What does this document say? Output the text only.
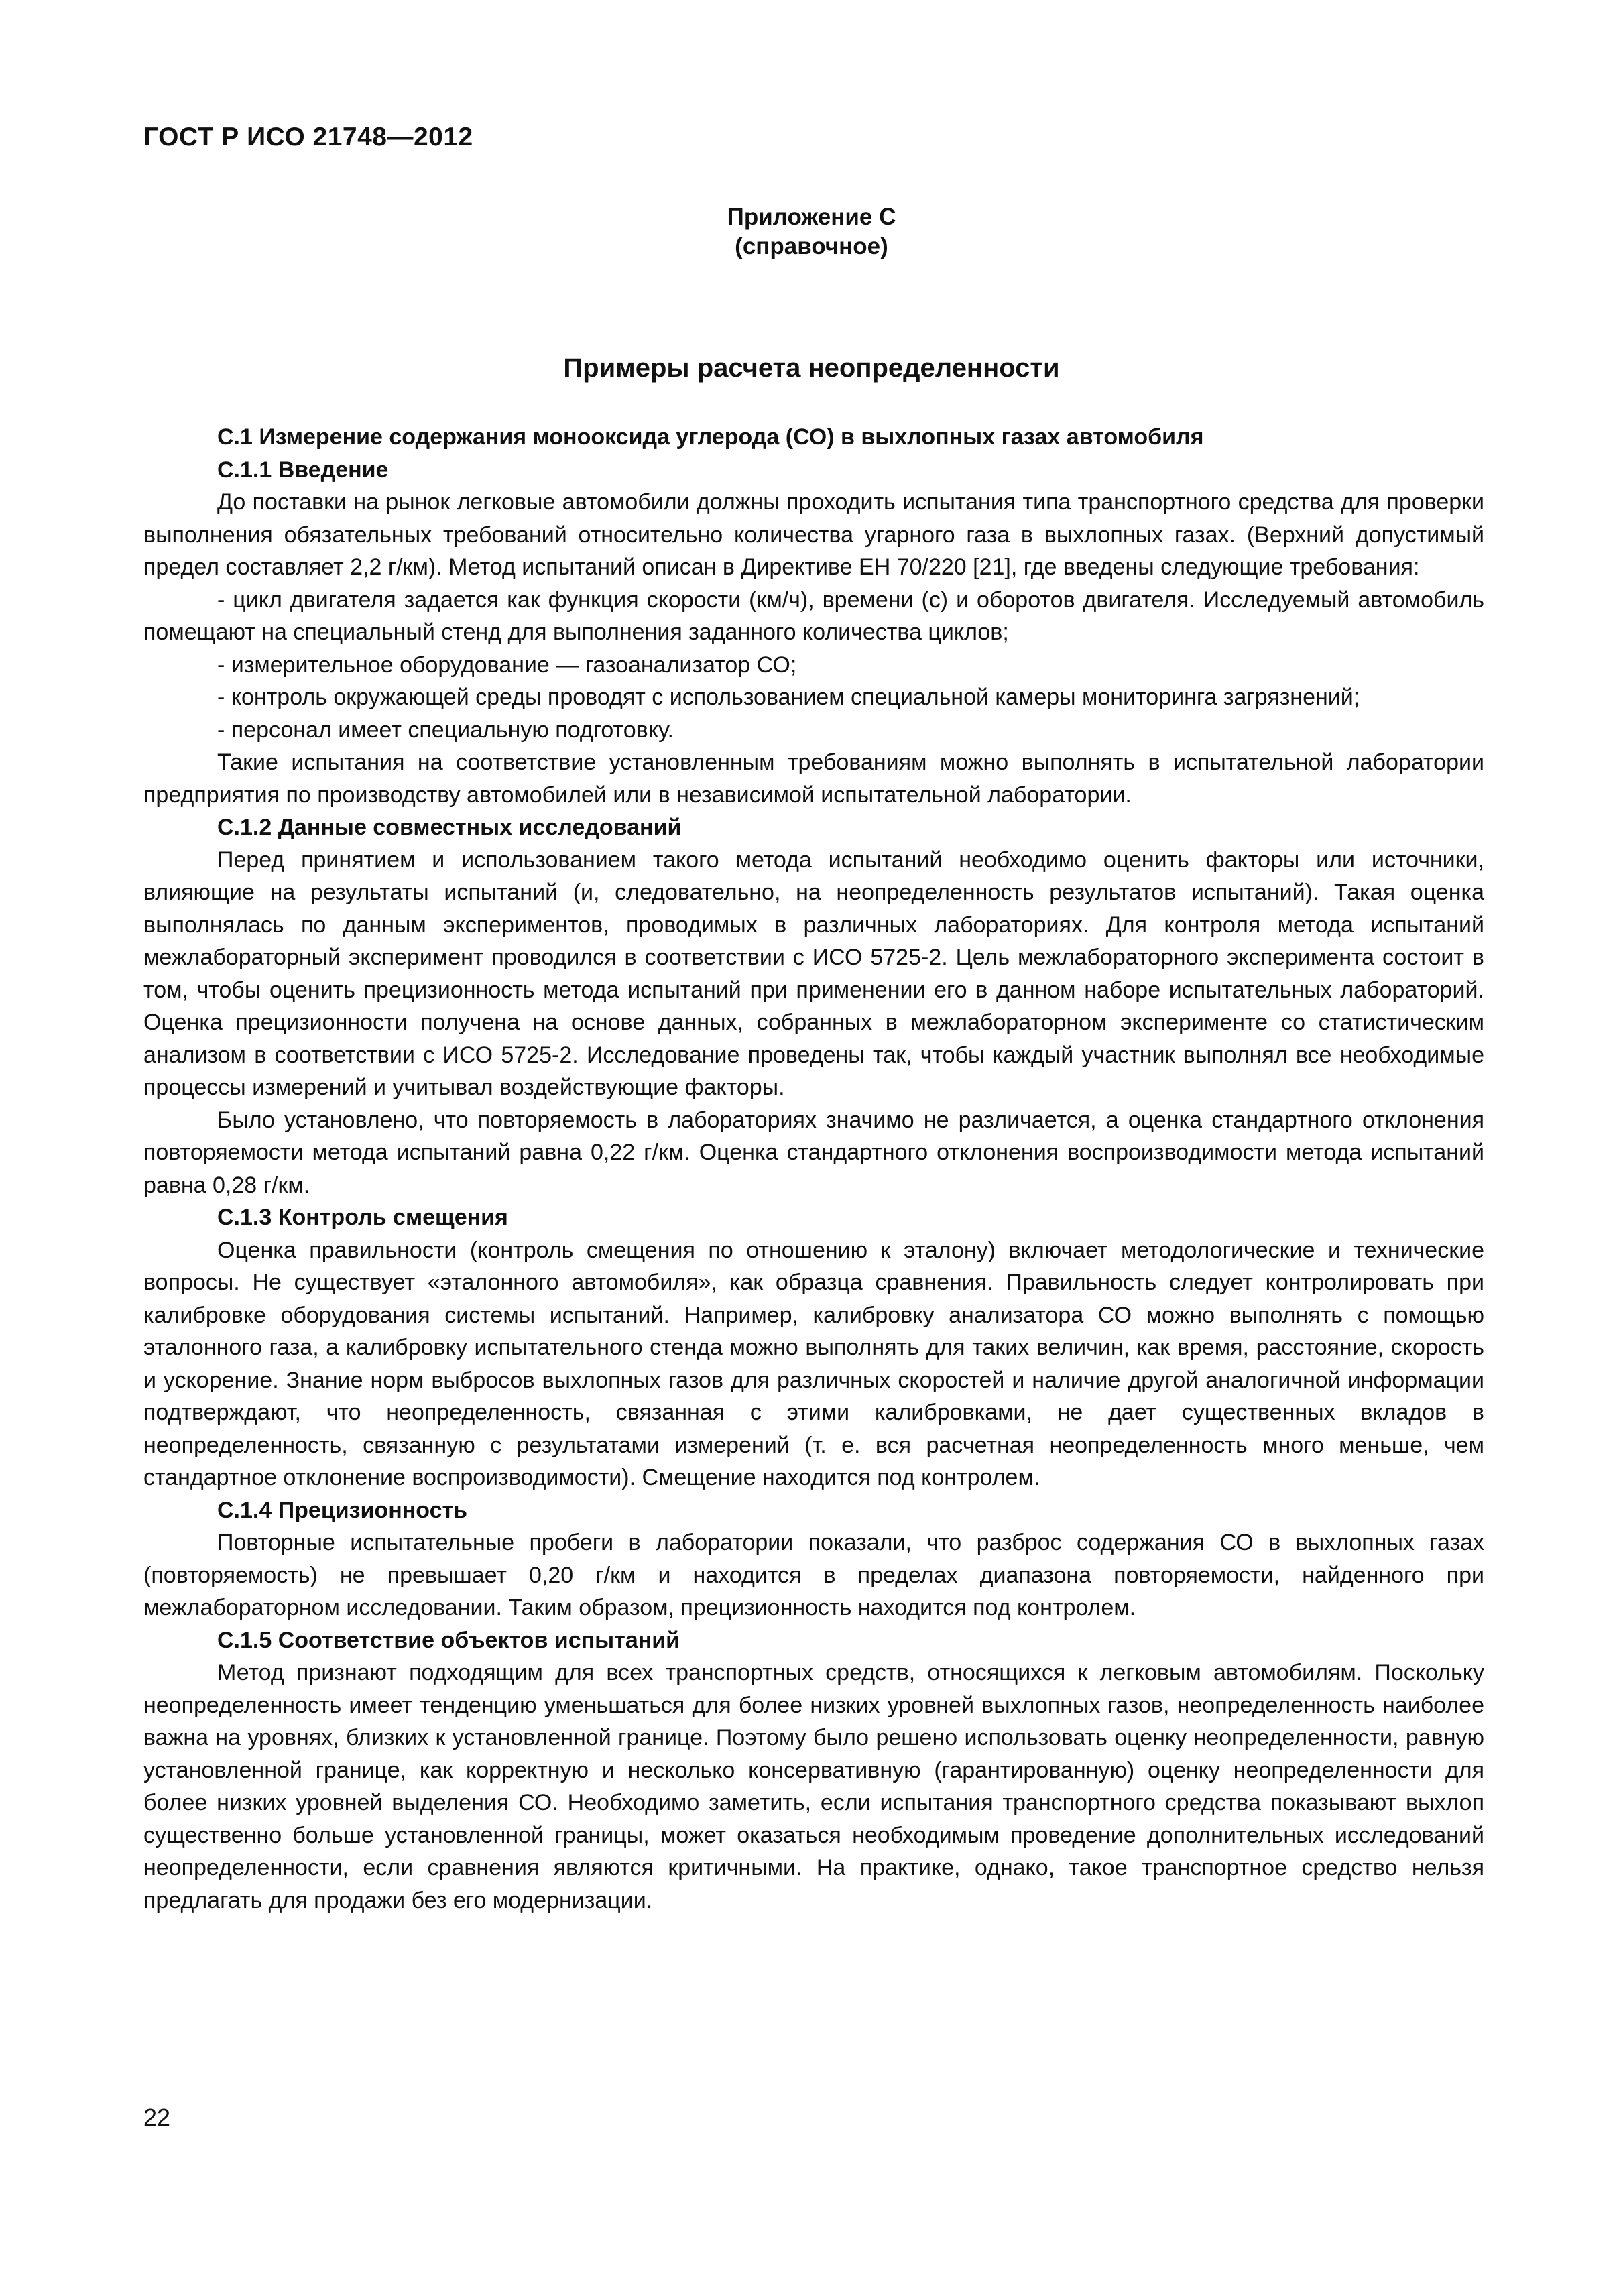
ГОСТ Р ИСО 21748—2012
Приложение С
(справочное)
Примеры расчета неопределенности

С.1 Измерение содержания монооксида углерода (СО) в выхлопных газах автомобиля

С.1.1 Введение

До поставки на рынок легковые автомобили должны проходить испытания типа транспортного средства для проверки выполнения обязательных требований относительно количества угарного газа в выхлопных газах. (Верхний допустимый предел составляет 2,2 г/км). Метод испытаний описан в Директиве ЕН 70/220 [21], где введены следующие требования:

- цикл двигателя задается как функция скорости (км/ч), времени (с) и оборотов двигателя. Исследуемый автомобиль помещают на специальный стенд для выполнения заданного количества циклов;

- измерительное оборудование — газоанализатор СО;

- контроль окружающей среды проводят с использованием специальной камеры мониторинга загрязнений;

- персонал имеет специальную подготовку.

Такие испытания на соответствие установленным требованиям можно выполнять в испытательной лаборатории предприятия по производству автомобилей или в независимой испытательной лаборатории.

С.1.2 Данные совместных исследований

Перед принятием и использованием такого метода испытаний необходимо оценить факторы или источники, влияющие на результаты испытаний (и, следовательно, на неопределенность результатов испытаний). Такая оценка выполнялась по данным экспериментов, проводимых в различных лабораториях. Для контроля метода испытаний межлабораторный эксперимент проводился в соответствии с ИСО 5725-2. Цель межлабораторного эксперимента состоит в том, чтобы оценить прецизионность метода испытаний при применении его в данном наборе испытательных лабораторий. Оценка прецизионности получена на основе данных, собранных в межлабораторном эксперименте со статистическим анализом в соответствии с ИСО 5725-2. Исследование проведены так, чтобы каждый участник выполнял все необходимые процессы измерений и учитывал воздействующие факторы.

Было установлено, что повторяемость в лабораториях значимо не различается, а оценка стандартного отклонения повторяемости метода испытаний равна 0,22 г/км. Оценка стандартного отклонения воспроизводимости метода испытаний равна 0,28 г/км.

С.1.3 Контроль смещения

Оценка правильности (контроль смещения по отношению к эталону) включает методологические и технические вопросы. Не существует «эталонного автомобиля», как образца сравнения. Правильность следует контролировать при калибровке оборудования системы испытаний. Например, калибровку анализатора СО можно выполнять с помощью эталонного газа, а калибровку испытательного стенда можно выполнять для таких величин, как время, расстояние, скорость и ускорение. Знание норм выбросов выхлопных газов для различных скоростей и наличие другой аналогичной информации подтверждают, что неопределенность, связанная с этими калибровками, не дает существенных вкладов в неопределенность, связанную с результатами измерений (т. е. вся расчетная неопределенность много меньше, чем стандартное отклонение воспроизводимости). Смещение находится под контролем.

С.1.4 Прецизионность

Повторные испытательные пробеги в лаборатории показали, что разброс содержания СО в выхлопных газах (повторяемость) не превышает 0,20 г/км и находится в пределах диапазона повторяемости, найденного при межлабораторном исследовании. Таким образом, прецизионность находится под контролем.

С.1.5 Соответствие объектов испытаний

Метод признают подходящим для всех транспортных средств, относящихся к легковым автомобилям. Поскольку неопределенность имеет тенденцию уменьшаться для более низких уровней выхлопных газов, неопределенность наиболее важна на уровнях, близких к установленной границе. Поэтому было решено использовать оценку неопределенности, равную установленной границе, как корректную и несколько консервативную (гарантированную) оценку неопределенности для более низких уровней выделения СО. Необходимо заметить, если испытания транспортного средства показывают выхлоп существенно больше установленной границы, может оказаться необходимым проведение дополнительных исследований неопределенности, если сравнения являются критичными. На практике, однако, такое транспортное средство нельзя предлагать для продажи без его модернизации.

22
